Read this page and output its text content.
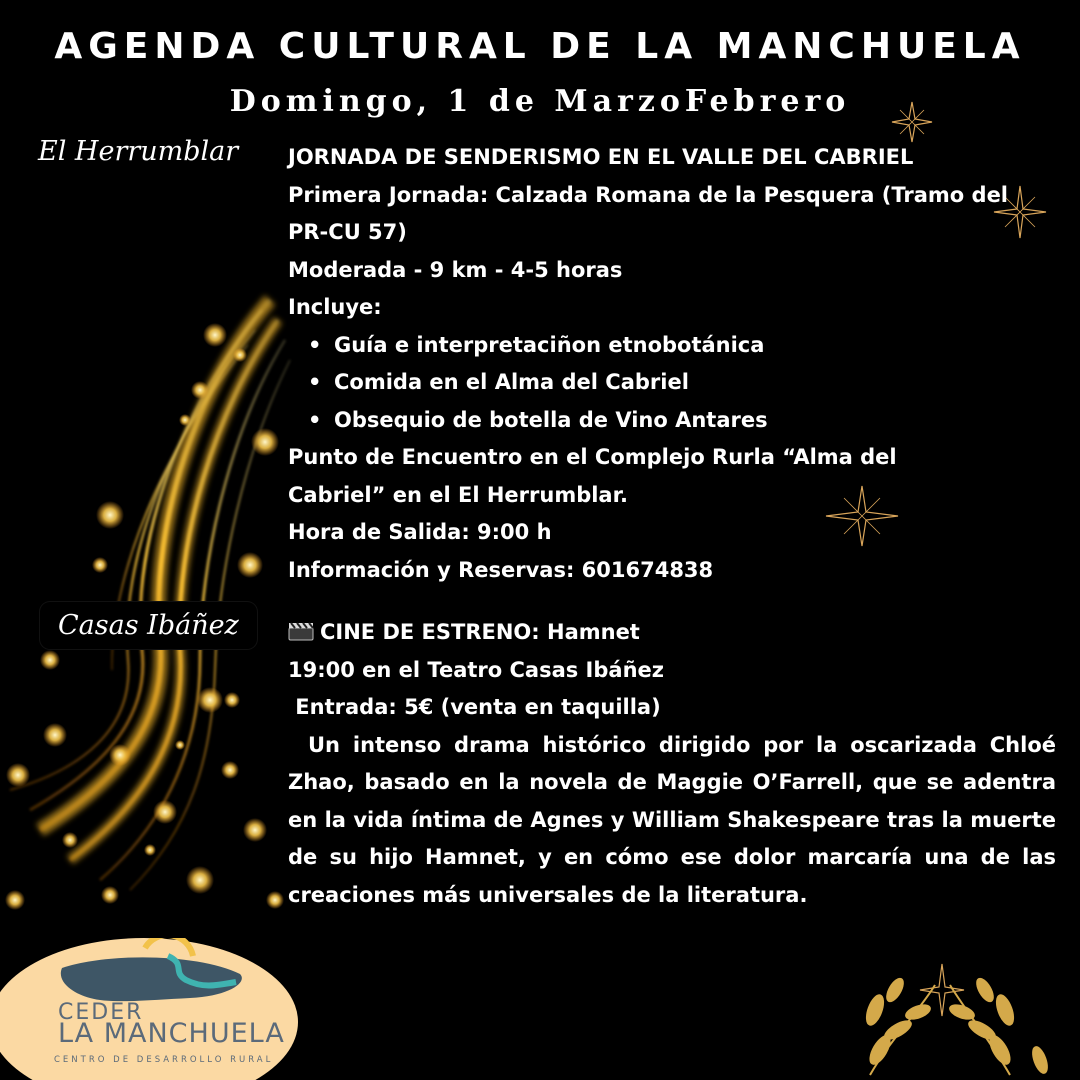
AGENDA CULTURAL DE LA MANCHUELA
Domingo, 1 de MarzoFebrero
El Herrumblar
Casas Ibáñez
JORNADA DE SENDERISMO EN EL VALLE DEL CABRIEL
Primera Jornada: Calzada Romana de la Pesquera (Tramo del PR-CU 57)
Moderada - 9 km - 4-5 horas
Incluye:
• Guía e interpretaciñon etnobotánica
• Comida en el Alma del Cabriel
• Obsequio de botella de Vino Antares
Punto de Encuentro en el Complejo Rurla “Alma del Cabriel” en el El Herrumblar.
Hora de Salida: 9:00 h
Información y Reservas: 601674838
CINE DE ESTRENO: Hamnet
19:00 en el Teatro Casas Ibáñez
Entrada: 5€ (venta en taquilla)
Un intenso drama histórico dirigido por la oscarizada Chloé Zhao, basado en la novela de Maggie O’Farrell, que se adentra en la vida íntima de Agnes y William Shakespeare tras la muerte de su hijo Hamnet, y en cómo ese dolor marcaría una de las creaciones más universales de la literatura.
CEDER
LA MANCHUELA
CENTRO DE DESARROLLO RURAL
